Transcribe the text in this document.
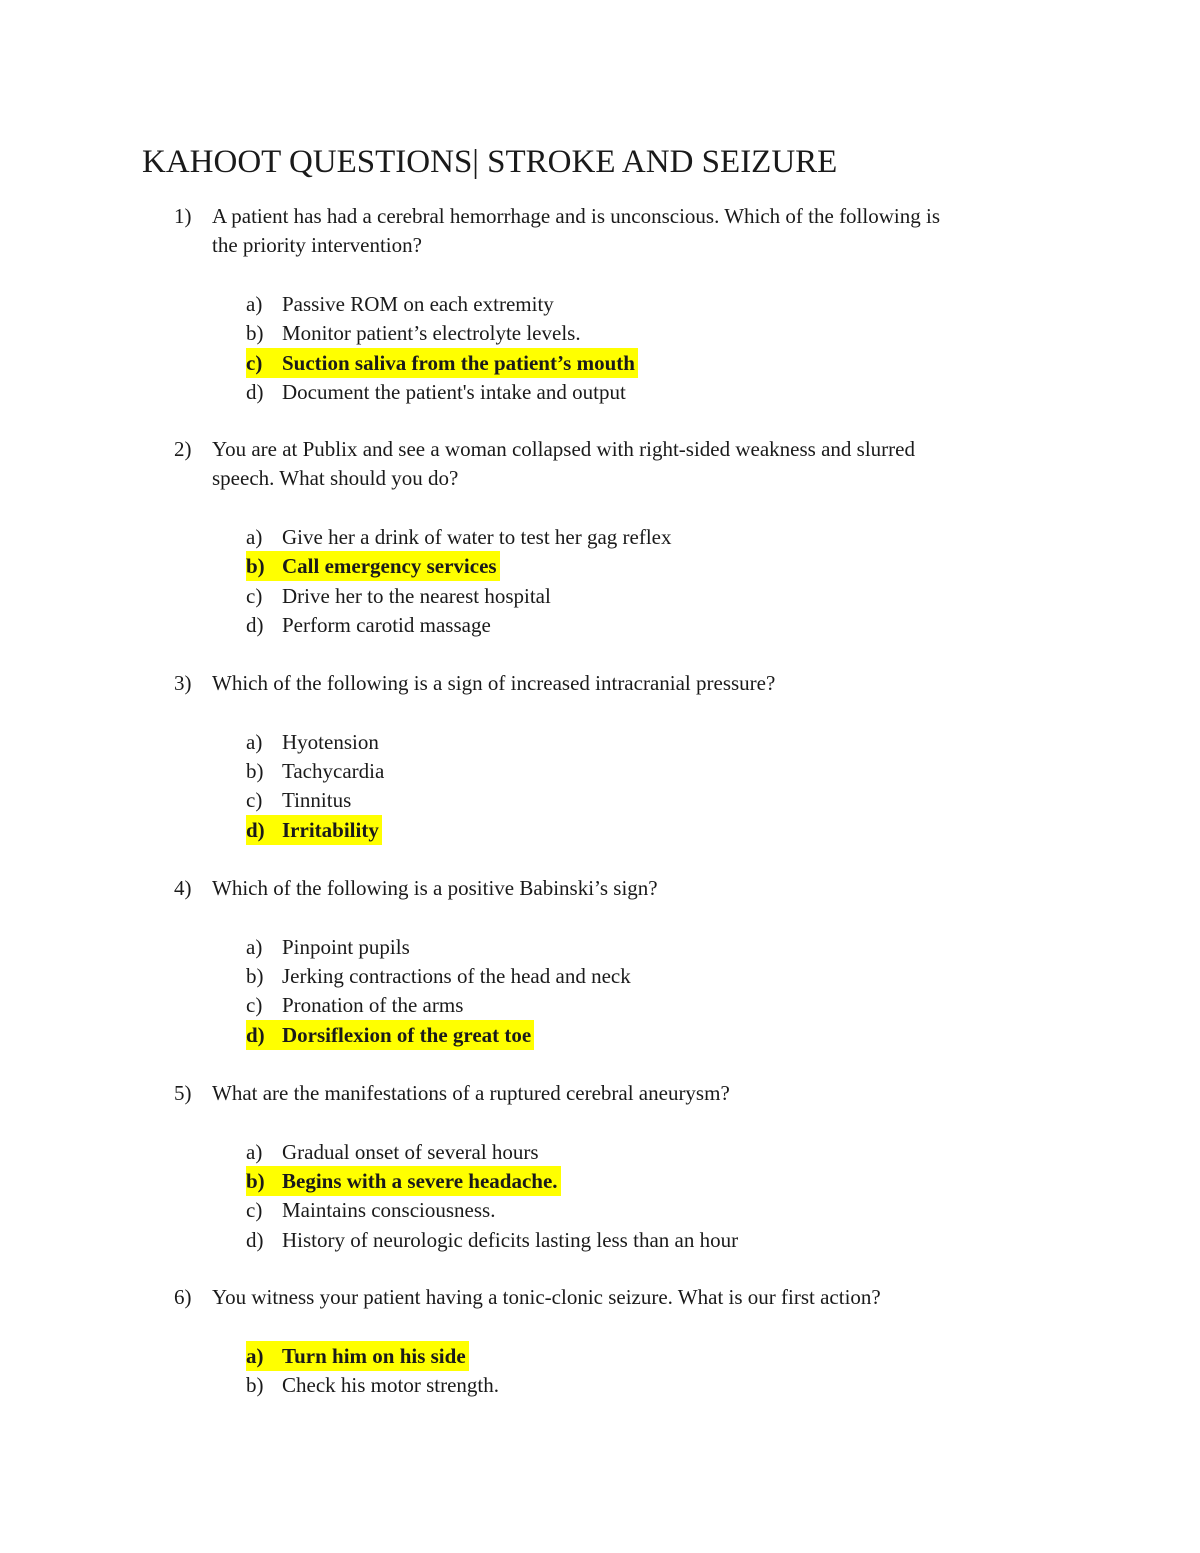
KAHOOT QUESTIONS| STROKE AND SEIZURE
1) A patient has had a cerebral hemorrhage and is unconscious. Which of the following is
the priority intervention?
a) Passive ROM on each extremity
b) Monitor patient’s electrolyte levels.
c) Suction saliva from the patient’s mouth
d) Document the patient's intake and output
2) You are at Publix and see a woman collapsed with right-sided weakness and slurred
speech. What should you do?
a) Give her a drink of water to test her gag reflex
b) Call emergency services
c) Drive her to the nearest hospital
d) Perform carotid massage
3) Which of the following is a sign of increased intracranial pressure?
a) Hyotension
b) Tachycardia
c) Tinnitus
d) Irritability
4) Which of the following is a positive Babinski’s sign?
a) Pinpoint pupils
b) Jerking contractions of the head and neck
c) Pronation of the arms
d) Dorsiflexion of the great toe
5) What are the manifestations of a ruptured cerebral aneurysm?
a) Gradual onset of several hours
b) Begins with a severe headache.
c) Maintains consciousness.
d) History of neurologic deficits lasting less than an hour
6) You witness your patient having a tonic-clonic seizure. What is our first action?
a) Turn him on his side
b) Check his motor strength.
